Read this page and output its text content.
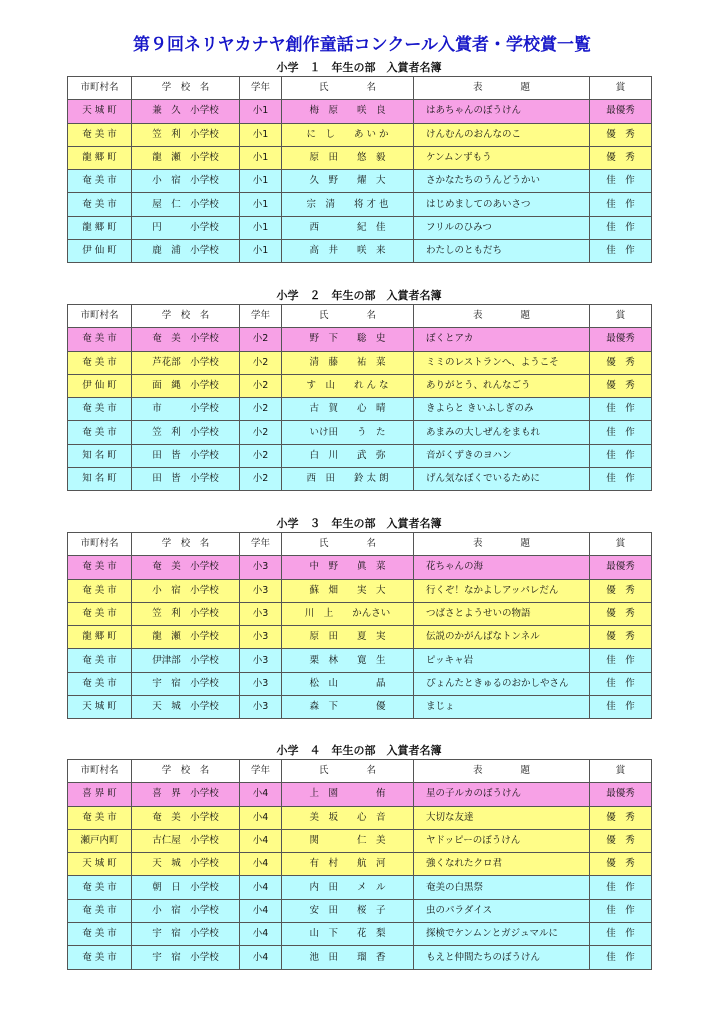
第９回ネリヤカナヤ創作童話コンクール入賞者・学校賞一覧
小学　１　年生の部　入賞者名簿
市町村名	学　校　名	学年	氏　　　　名	表　　　　題	賞
天 城 町	兼　久　小学校	小1	梅　原　　咲　良	はあちゃんのぼうけん	最優秀
奄 美 市	笠　利　小学校	小1	に　し　　あ い か	けんむんのおんなのこ	優　秀
龍 郷 町	龍　瀬　小学校	小1	原　田　　悠　毅	ケンムンずもう	優　秀
奄 美 市	小　宿　小学校	小1	久　野　　燿　大	さかなたちのうんどうかい	佳　作
奄 美 市	屋　仁　小学校	小1	宗　清　　将 才 也	はじめましてのあいさつ	佳　作
龍 郷 町	円　　　小学校	小1	西　　　　紀　佳	フリルのひみつ	佳　作
伊 仙 町	鹿　浦　小学校	小1	高　井　　咲　来	わたしのともだち	佳　作
小学　２　年生の部　入賞者名簿
市町村名	学　校　名	学年	氏　　　　名	表　　　　題	賞
奄 美 市	奄　美　小学校	小2	野　下　　聡　史	ぼくとアカ	最優秀
奄 美 市	芦花部　小学校	小2	清　藤　　祐　菜	ミミのレストランへ、ようこそ	優　秀
伊 仙 町	面　縄　小学校	小2	す　山　　れ ん な	ありがとう、れんなごう	優　秀
奄 美 市	市　　　小学校	小2	古　賀　　心　晴	きよらと きいふしぎのみ	佳　作
奄 美 市	笠　利　小学校	小2	いけ田　　う　た	あまみの大しぜんをまもれ	佳　作
知 名 町	田　皆　小学校	小2	白　川　　武　弥	音がくずきのヨハン	佳　作
知 名 町	田　皆　小学校	小2	西　田　　鈴 太 朗	げん気なぼくでいるために	佳　作
小学　３　年生の部　入賞者名簿
市町村名	学　校　名	学年	氏　　　　名	表　　　　題	賞
奄 美 市	奄　美　小学校	小3	中　野　　眞　菜	花ちゃんの海	最優秀
奄 美 市	小　宿　小学校	小3	蘇　畑　　実　大	行くぞ！なかよしアッパレだん	優　秀
奄 美 市	笠　利　小学校	小3	川　上　　かんさい	つばさとようせいの物語	優　秀
龍 郷 町	龍　瀬　小学校	小3	原　田　　夏　実	伝説のかがんばなトンネル	優　秀
奄 美 市	伊津部　小学校	小3	栗　林　　寛　生	ピッキャ岩	佳　作
奄 美 市	宇　宿　小学校	小3	松　山　　　　晶	ぴょんたときゅるのおかしやさん	佳　作
天 城 町	天　城　小学校	小3	森　下　　　　優	まじょ	佳　作
小学　４　年生の部　入賞者名簿
市町村名	学　校　名	学年	氏　　　　名	表　　　　題	賞
喜 界 町	喜　界　小学校	小4	上　園　　　　侑	星の子ルカのぼうけん	最優秀
奄 美 市	奄　美　小学校	小4	美　坂　　心　音	大切な友達	優　秀
瀬戸内町	古仁屋　小学校	小4	関　　　　仁　美	ヤドッピーのぼうけん	優　秀
天 城 町	天　城　小学校	小4	有　村　　航　河	強くなれたクロ君	優　秀
奄 美 市	朝　日　小学校	小4	内　田　　メ　ル	奄美の白黒祭	佳　作
奄 美 市	小　宿　小学校	小4	安　田　　桜　子	虫のパラダイス	佳　作
奄 美 市	宇　宿　小学校	小4	山　下　　花　梨	探検でケンムンとガジュマルに	佳　作
奄 美 市	宇　宿　小学校	小4	池　田　　瑠　香	もえと仲間たちのぼうけん	佳　作
